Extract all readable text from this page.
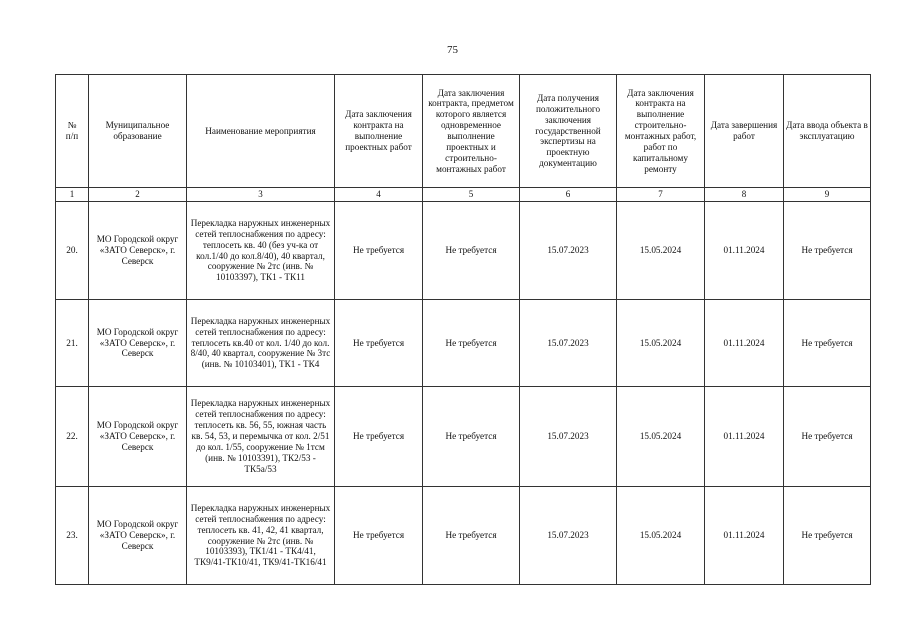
75
№
п/п	Муниципальное образование	Наименование мероприятия	Дата заключения контракта на выполнение проектных работ	Дата заключения контракта, предметом которого является одновременное выполнение проектных и строительно-монтажных работ	Дата получения положительного заключения государственной экспертизы на проектную документацию	Дата заключения контракта на выполнение строительно-монтажных работ, работ по капитальному ремонту	Дата завершения работ	Дата ввода объекта в эксплуатацию
1	2	3	4	5	6	7	8	9
20.	МО Городской округ «ЗАТО Северск», г. Северск	Перекладка наружных инженерных сетей теплоснабжения по адресу: теплосеть кв. 40 (без уч-ка от кол.1/40 до кол.8/40), 40 квартал, сооружение № 2тс (инв. № 10103397), ТК1 - ТК11	Не требуется	Не требуется	15.07.2023	15.05.2024	01.11.2024	Не требуется
21.	МО Городской округ «ЗАТО Северск», г. Северск	Перекладка наружных инженерных сетей теплоснабжения по адресу: теплосеть кв.40 от кол. 1/40 до кол. 8/40, 40 квартал, сооружение № 3тс (инв. № 10103401), ТК1 - ТК4	Не требуется	Не требуется	15.07.2023	15.05.2024	01.11.2024	Не требуется
22.	МО Городской округ «ЗАТО Северск», г. Северск	Перекладка наружных инженерных сетей теплоснабжения по адресу: теплосеть кв. 56, 55, южная часть кв. 54, 53, и перемычка от кол. 2/51 до кол. 1/55, сооружение № 1тсм (инв. № 10103391), ТК2/53 - ТК5а/53	Не требуется	Не требуется	15.07.2023	15.05.2024	01.11.2024	Не требуется
23.	МО Городской округ «ЗАТО Северск», г. Северск	Перекладка наружных инженерных сетей теплоснабжения по адресу: теплосеть кв. 41, 42, 41 квартал, сооружение № 2тс (инв. № 10103393), ТК1/41 - ТК4/41, ТК9/41-ТК10/41, ТК9/41-ТК16/41	Не требуется	Не требуется	15.07.2023	15.05.2024	01.11.2024	Не требуется
